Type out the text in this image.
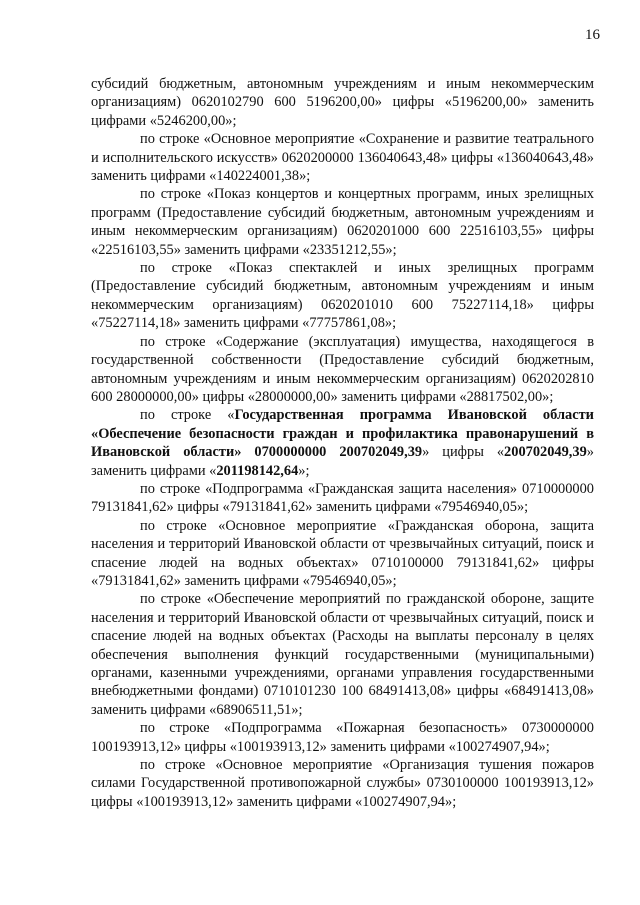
16

субсидий бюджетным, автономным учреждениям и иным некоммерческим организациям) 0620102790 600 5196200,00» цифры «5196200,00» заменить цифрами «5246200,00»;

по строке «Основное мероприятие «Сохранение и развитие театрального и исполнительского искусств» 0620200000 136040643,48» цифры «136040643,48» заменить цифрами «140224001,38»;

по строке «Показ концертов и концертных программ, иных зрелищных программ (Предоставление субсидий бюджетным, автономным учреждениям и иным некоммерческим организациям) 0620201000 600 22516103,55» цифры «22516103,55» заменить цифрами «23351212,55»;

по строке «Показ спектаклей и иных зрелищных программ (Предоставление субсидий бюджетным, автономным учреждениям и иным некоммерческим организациям) 0620201010 600 75227114,18» цифры «75227114,18» заменить цифрами «77757861,08»;

по строке «Содержание (эксплуатация) имущества, находящегося в государственной собственности (Предоставление субсидий бюджетным, автономным учреждениям и иным некоммерческим организациям) 0620202810 600 28000000,00» цифры «28000000,00» заменить цифрами «28817502,00»;

по строке «Государственная программа Ивановской области «Обеспечение безопасности граждан и профилактика правонарушений в Ивановской области» 0700000000 200702049,39» цифры «200702049,39» заменить цифрами «201198142,64»;

по строке «Подпрограмма «Гражданская защита населения» 0710000000 79131841,62» цифры «79131841,62» заменить цифрами «79546940,05»;

по строке «Основное мероприятие «Гражданская оборона, защита населения и территорий Ивановской области от чрезвычайных ситуаций, поиск и спасение людей на водных объектах» 0710100000 79131841,62» цифры «79131841,62» заменить цифрами «79546940,05»;

по строке «Обеспечение мероприятий по гражданской обороне, защите населения и территорий Ивановской области от чрезвычайных ситуаций, поиск и спасение людей на водных объектах (Расходы на выплаты персоналу в целях обеспечения выполнения функций государственными (муниципальными) органами, казенными учреждениями, органами управления государственными внебюджетными фондами) 0710101230 100 68491413,08» цифры «68491413,08» заменить цифрами «68906511,51»;

по строке «Подпрограмма «Пожарная безопасность» 0730000000 100193913,12» цифры «100193913,12» заменить цифрами «100274907,94»;

по строке «Основное мероприятие «Организация тушения пожаров силами Государственной противопожарной службы» 0730100000 100193913,12» цифры «100193913,12» заменить цифрами «100274907,94»;
